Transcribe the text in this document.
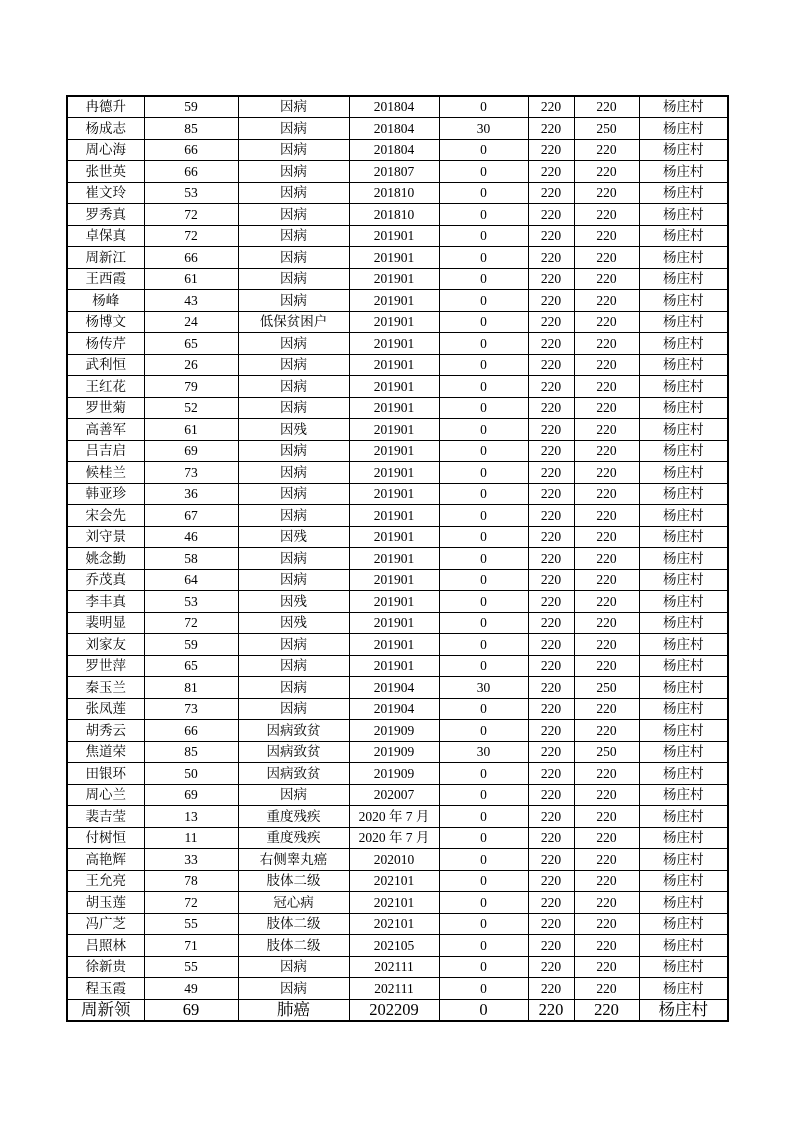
冉德升	59	因病	201804	0	220	220	杨庄村
杨成志	85	因病	201804	30	220	250	杨庄村
周心海	66	因病	201804	0	220	220	杨庄村
张世英	66	因病	201807	0	220	220	杨庄村
崔文玲	53	因病	201810	0	220	220	杨庄村
罗秀真	72	因病	201810	0	220	220	杨庄村
卓保真	72	因病	201901	0	220	220	杨庄村
周新江	66	因病	201901	0	220	220	杨庄村
王西霞	61	因病	201901	0	220	220	杨庄村
杨峰	43	因病	201901	0	220	220	杨庄村
杨博文	24	低保贫困户	201901	0	220	220	杨庄村
杨传芹	65	因病	201901	0	220	220	杨庄村
武利恒	26	因病	201901	0	220	220	杨庄村
王红花	79	因病	201901	0	220	220	杨庄村
罗世菊	52	因病	201901	0	220	220	杨庄村
高善军	61	因残	201901	0	220	220	杨庄村
吕吉启	69	因病	201901	0	220	220	杨庄村
候桂兰	73	因病	201901	0	220	220	杨庄村
韩亚珍	36	因病	201901	0	220	220	杨庄村
宋会先	67	因病	201901	0	220	220	杨庄村
刘守景	46	因残	201901	0	220	220	杨庄村
姚念勤	58	因病	201901	0	220	220	杨庄村
乔茂真	64	因病	201901	0	220	220	杨庄村
李丰真	53	因残	201901	0	220	220	杨庄村
裴明显	72	因残	201901	0	220	220	杨庄村
刘家友	59	因病	201901	0	220	220	杨庄村
罗世萍	65	因病	201901	0	220	220	杨庄村
秦玉兰	81	因病	201904	30	220	250	杨庄村
张凤莲	73	因病	201904	0	220	220	杨庄村
胡秀云	66	因病致贫	201909	0	220	220	杨庄村
焦道荣	85	因病致贫	201909	30	220	250	杨庄村
田银环	50	因病致贫	201909	0	220	220	杨庄村
周心兰	69	因病	202007	0	220	220	杨庄村
裴吉莹	13	重度残疾	2020 年 7 月	0	220	220	杨庄村
付树恒	11	重度残疾	2020 年 7 月	0	220	220	杨庄村
高艳辉	33	右侧睾丸癌	202010	0	220	220	杨庄村
王允亮	78	肢体二级	202101	0	220	220	杨庄村
胡玉莲	72	冠心病	202101	0	220	220	杨庄村
冯广芝	55	肢体二级	202101	0	220	220	杨庄村
吕照林	71	肢体二级	202105	0	220	220	杨庄村
徐新贵	55	因病	202111	0	220	220	杨庄村
程玉霞	49	因病	202111	0	220	220	杨庄村
周新领	69	肺癌	202209	0	220	220	杨庄村
